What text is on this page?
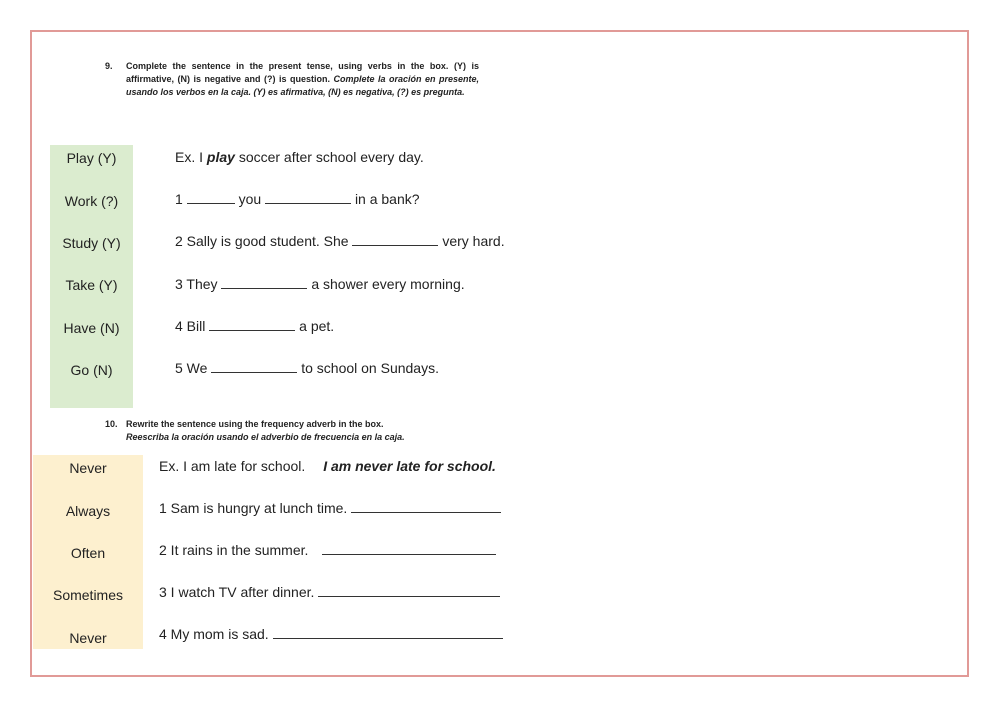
9. Complete the sentence in the present tense, using verbs in the box. (Y) is affirmative, (N) is negative and (?) is question. Complete la oración en presente, usando los verbos en la caja. (Y) es afirmativa, (N) es negativa, (?) es pregunta.
Play (Y)
Work (?)
Study (Y)
Take (Y)
Have (N)
Go (N)
Ex. I play soccer after school every day.
1	you	in a bank?
2 Sally is good student. She	very hard.
3 They	a shower every morning.
4 Bill	a pet.
5 We	to school on Sundays.
10. Rewrite the sentence using the frequency adverb in the box.
Reescriba la oración usando el adverbio de frecuencia en la caja.
Never
Always
Often
Sometimes
Never
Ex. I am late for school. I am never late for school.
1 Sam is hungry at lunch time.
2 It rains in the summer.
3 I watch TV after dinner.
4 My mom is sad.
